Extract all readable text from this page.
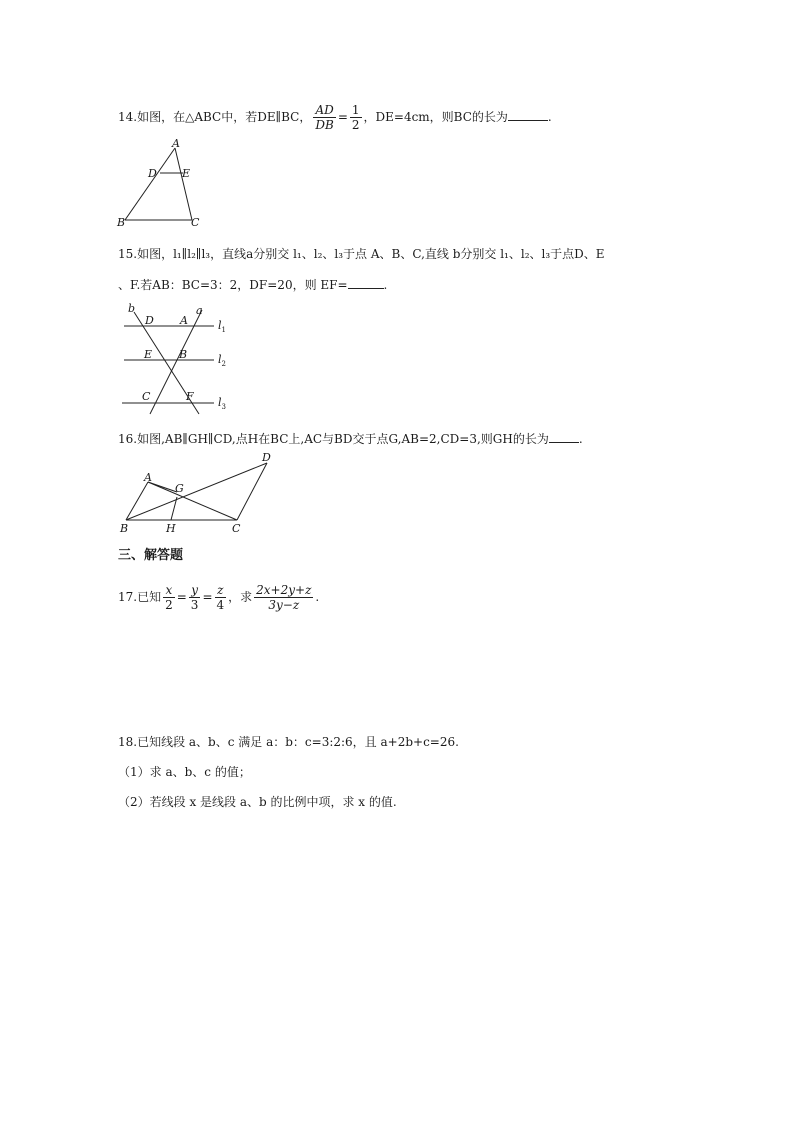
14.如图，在△ABC中，若DE∥BC， $\frac{AD}{DB} = \frac{1}{2}$ ，DE=4cm，则BC的长为	.
A
D E
B	C
15.如图，l₁∥l₂∥l₃，直线a分别交 l₁、l₂、l₃于点 A、B、C,直线 b分别交 l₁、l₂、l₃于点D、E
、F.若AB：BC=3：2，DF=20，则 EF=	.
b	a
D A
E B
C	F
$l_1$
$l_2$
$l_3$
16.如图,AB∥GH∥CD,点H在BC上,AC与BD交于点G,AB=2,CD=3,则GH的长为	.
A
G
D
B	H	C
三、解答题
17.已知 $\frac{x}{2} = \frac{y}{3} = \frac{z}{4}$ ，求 $\frac{2x+2y+z}{3y-z}$ .
18.已知线段 a、b、c 满足 a：b：c=3:2:6，且 a+2b+c=26.
（1）求 a、b、c 的值；
（2）若线段 x 是线段 a、b 的比例中项，求 x 的值.
